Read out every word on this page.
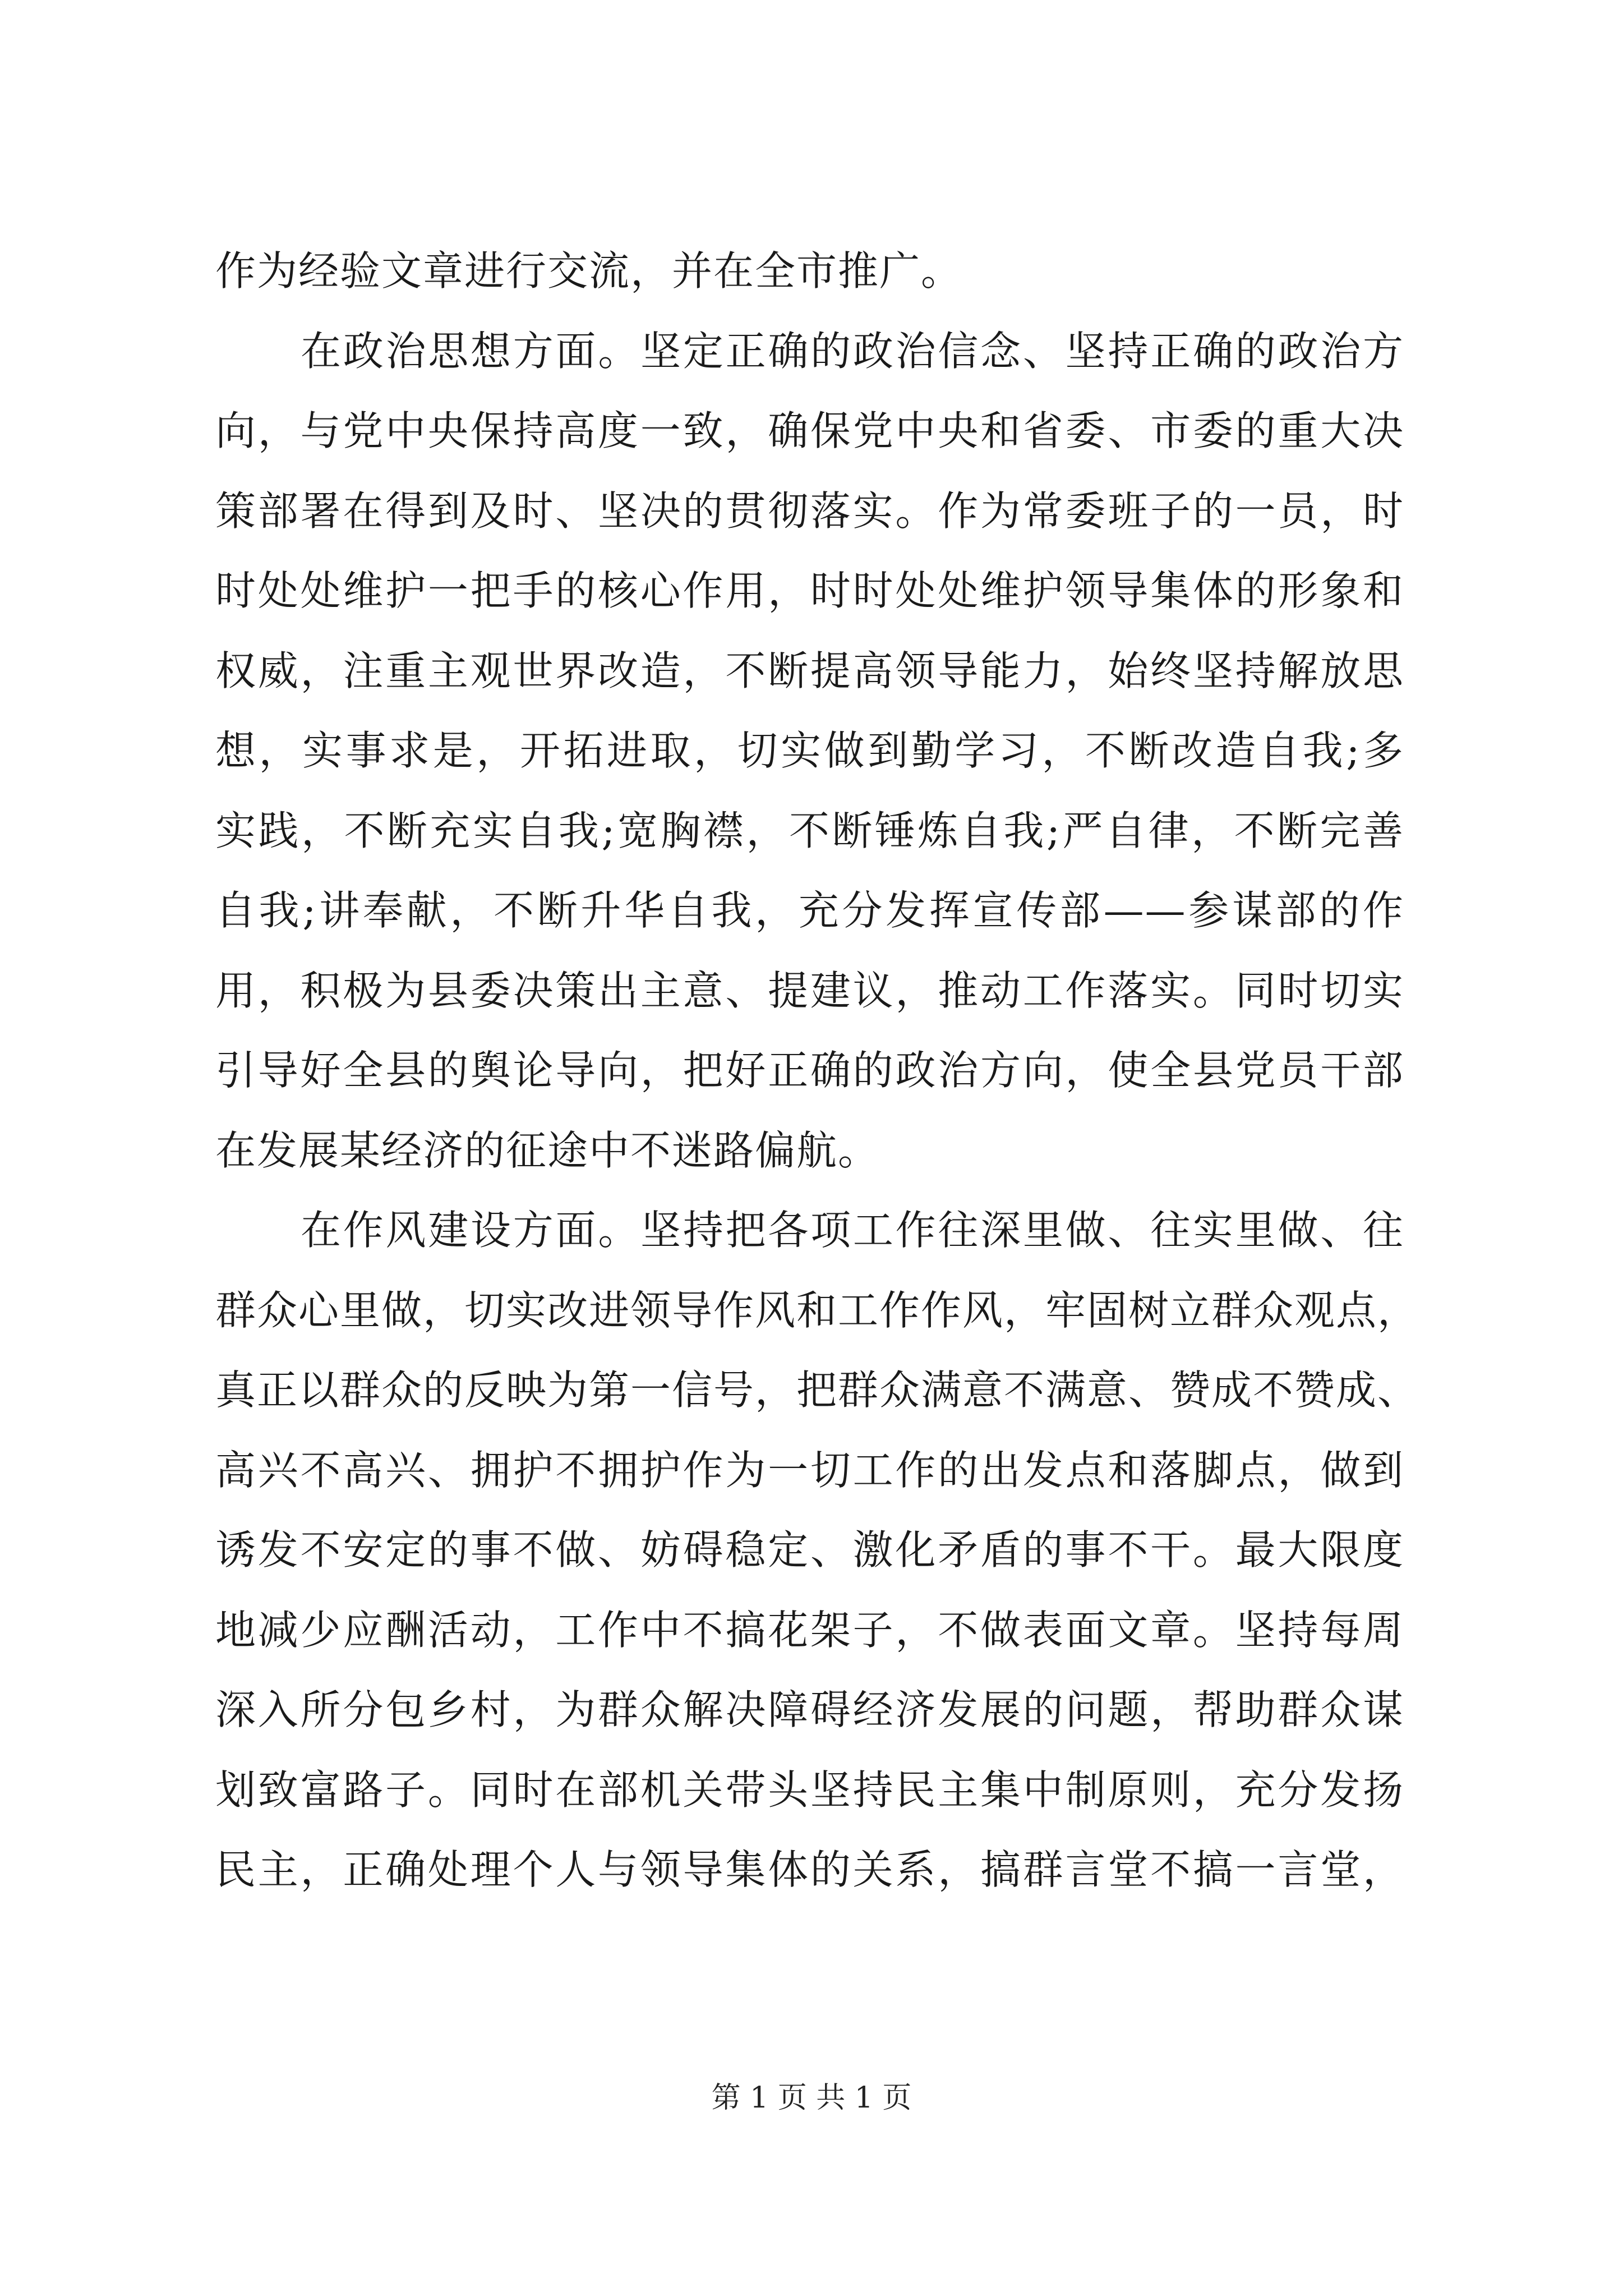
作为经验文章进行交流，并在全市推广。
在政治思想方面。坚定正确的政治信念、坚持正确的政治方
向，与党中央保持高度一致，确保党中央和省委、市委的重大决
策部署在得到及时、坚决的贯彻落实。作为常委班子的一员，时
时处处维护一把手的核心作用，时时处处维护领导集体的形象和
权威，注重主观世界改造，不断提高领导能力，始终坚持解放思
想，实事求是，开拓进取，切实做到勤学习，不断改造自我;多
实践，不断充实自我;宽胸襟，不断锤炼自我;严自律，不断完善
自我;讲奉献，不断升华自我，充分发挥宣传部——参谋部的作
用，积极为县委决策出主意、提建议，推动工作落实。同时切实
引导好全县的舆论导向，把好正确的政治方向，使全县党员干部
在发展某经济的征途中不迷路偏航。
在作风建设方面。坚持把各项工作往深里做、往实里做、往
群众心里做，切实改进领导作风和工作作风，牢固树立群众观点，
真正以群众的反映为第一信号，把群众满意不满意、赞成不赞成、
高兴不高兴、拥护不拥护作为一切工作的出发点和落脚点，做到
诱发不安定的事不做、妨碍稳定、激化矛盾的事不干。最大限度
地减少应酬活动，工作中不搞花架子，不做表面文章。坚持每周
深入所分包乡村，为群众解决障碍经济发展的问题，帮助群众谋
划致富路子。同时在部机关带头坚持民主集中制原则，充分发扬
民主，正确处理个人与领导集体的关系，搞群言堂不搞一言堂，
第 1 页 共 1 页
